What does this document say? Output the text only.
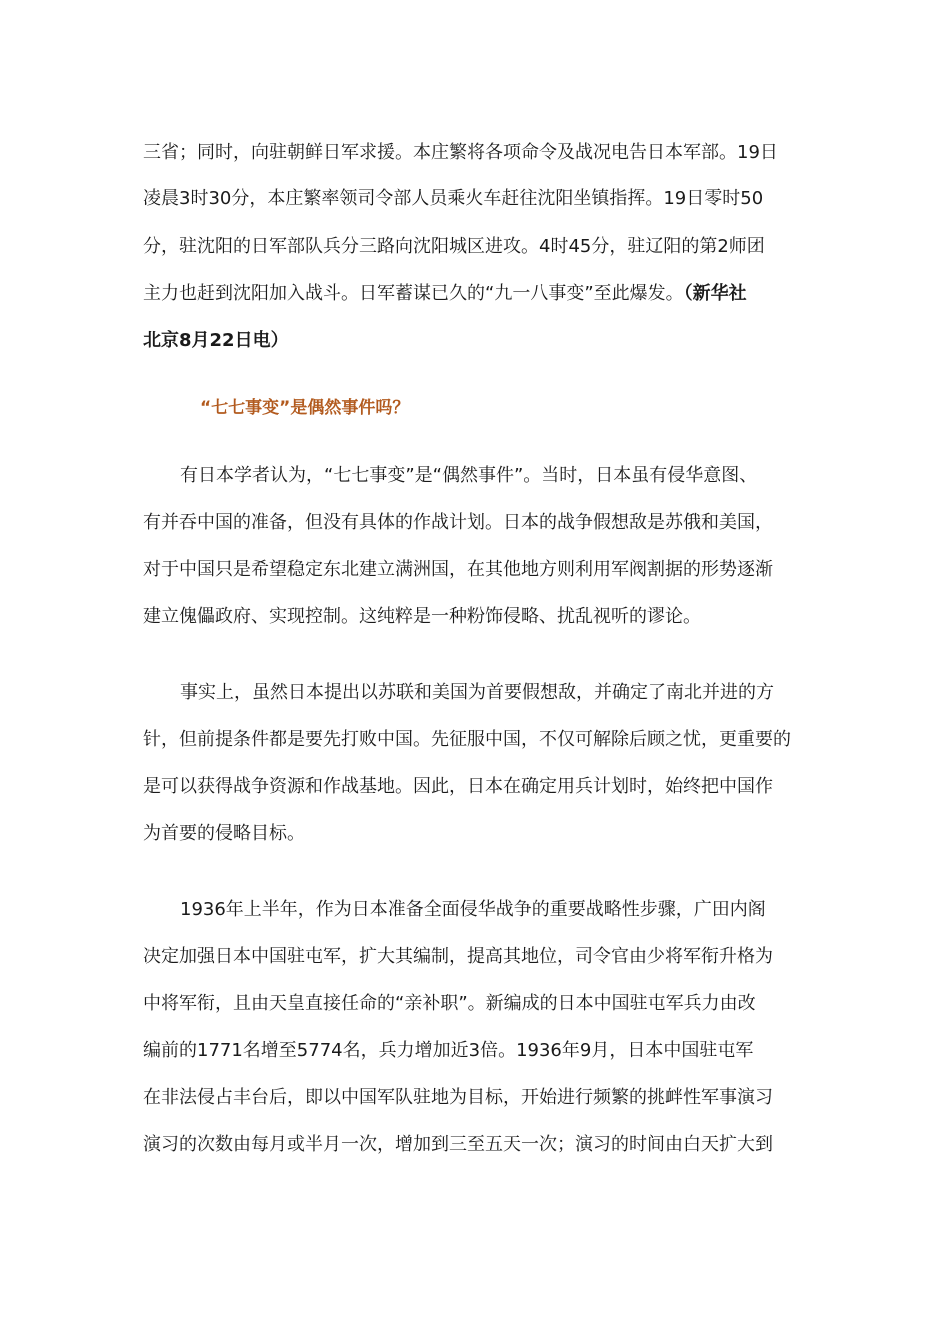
三省；同时，向驻朝鲜日军求援。本庄繁将各项命令及战况电告日本军部。19日
凌晨3时30分，本庄繁率领司令部人员乘火车赶往沈阳坐镇指挥。19日零时50
分，驻沈阳的日军部队兵分三路向沈阳城区进攻。4时45分，驻辽阳的第2师团
主力也赶到沈阳加入战斗。日军蓄谋已久的“九一八事变”至此爆发。（新华社
北京8月22日电）
“七七事变”是偶然事件吗？
有日本学者认为，“七七事变”是“偶然事件”。当时，日本虽有侵华意图、
有并吞中国的准备，但没有具体的作战计划。日本的战争假想敌是苏俄和美国，
对于中国只是希望稳定东北建立满洲国，在其他地方则利用军阀割据的形势逐渐
建立傀儡政府、实现控制。这纯粹是一种粉饰侵略、扰乱视听的谬论。
事实上，虽然日本提出以苏联和美国为首要假想敌，并确定了南北并进的方
针，但前提条件都是要先打败中国。先征服中国，不仅可解除后顾之忧，更重要的
是可以获得战争资源和作战基地。因此，日本在确定用兵计划时，始终把中国作
为首要的侵略目标。
1936年上半年，作为日本准备全面侵华战争的重要战略性步骤，广田内阁
决定加强日本中国驻屯军，扩大其编制，提高其地位，司令官由少将军衔升格为
中将军衔，且由天皇直接任命的“亲补职”。新编成的日本中国驻屯军兵力由改
编前的1771名增至5774名，兵力增加近3倍。1936年9月，日本中国驻屯军
在非法侵占丰台后，即以中国军队驻地为目标，开始进行频繁的挑衅性军事演习
演习的次数由每月或半月一次，增加到三至五天一次；演习的时间由白天扩大到
